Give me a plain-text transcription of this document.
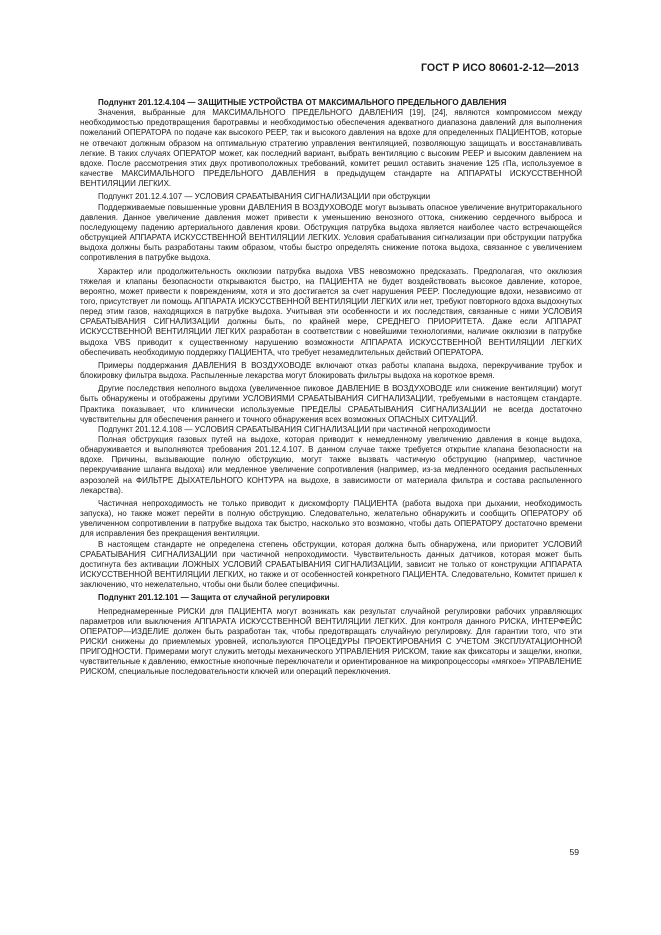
ГОСТ Р ИСО 80601-2-12—2013

Подпункт 201.12.4.104 — ЗАЩИТНЫЕ УСТРОЙСТВА ОТ МАКСИМАЛЬНОГО ПРЕДЕЛЬНОГО ДАВЛЕНИЯ

Значения, выбранные для МАКСИМАЛЬНОГО ПРЕДЕЛЬНОГО ДАВЛЕНИЯ [19], [24], являются компромиссом между необходимостью предотвращения баротравмы и необходимостью обеспечения адекватного диапазона давлений для выполнения пожеланий ОПЕРАТОРА по подаче как высокого PEEP, так и высокого давления на вдохе для определенных ПАЦИЕНТОВ, которые не отвечают должным образом на оптимальную стратегию управления вентиляцией, позволяющую защищать и восстанавливать легкие. В таких случаях ОПЕРАТОР может, как последний вариант, выбрать вентиляцию с высоким PEEP и высоким давлением на вдохе. После рассмотрения этих двух противоположных требований, комитет решил оставить значение 125 гПа, используемое в качестве МАКСИМАЛЬНОГО ПРЕДЕЛЬНОГО ДАВЛЕНИЯ в предыдущем стандарте на АППАРАТЫ ИСКУССТВЕННОЙ ВЕНТИЛЯЦИИ ЛЕГКИХ.

Подпункт 201.12.4.107 — УСЛОВИЯ СРАБАТЫВАНИЯ СИГНАЛИЗАЦИИ при обструкции

Поддерживаемые повышенные уровни ДАВЛЕНИЯ В ВОЗДУХОВОДЕ могут вызывать опасное увеличение внутриторакального давления. Данное увеличение давления может привести к уменьшению венозного оттока, снижению сердечного выброса и последующему падению артериального давления крови. Обструкция патрубка выдоха является наиболее часто встречающейся обструкцией АППАРАТА ИСКУССТВЕННОЙ ВЕНТИЛЯЦИИ ЛЕГКИХ. Условия срабатывания сигнализации при обструкции патрубка выдоха должны быть разработаны таким образом, чтобы быстро определять снижение потока выдоха, связанное с увеличением сопротивления в патрубке выдоха.

Характер или продолжительность окклюзии патрубка выдоха VBS невозможно предсказать. Предполагая, что окклюзия тяжелая и клапаны безопасности открываются быстро, на ПАЦИЕНТА не будет воздействовать высокое давление, которое, вероятно, может привести к повреждениям, хотя и это достигается за счет нарушения PEEP. Последующие вдохи, независимо от того, присутствует ли помощь АППАРАТА ИСКУССТВЕННОЙ ВЕНТИЛЯЦИИ ЛЕГКИХ или нет, требуют повторного вдоха выдохнутых перед этим газов, находящихся в патрубке выдоха. Учитывая эти особенности и их последствия, связанные с ними УСЛОВИЯ СРАБАТЫВАНИЯ СИГНАЛИЗАЦИИ должны быть, по крайней мере, СРЕДНЕГО ПРИОРИТЕТА. Даже если АППАРАТ ИСКУССТВЕННОЙ ВЕНТИЛЯЦИИ ЛЕГКИХ разработан в соответствии с новейшими технологиями, наличие окклюзии в патрубке выдоха VBS приводит к существенному нарушению возможности АППАРАТА ИСКУССТВЕННОЙ ВЕНТИЛЯЦИИ ЛЕГКИХ обеспечивать необходимую поддержку ПАЦИЕНТА, что требует незамедлительных действий ОПЕРАТОРА.

Примеры поддержания ДАВЛЕНИЯ В ВОЗДУХОВОДЕ включают отказ работы клапана выдоха, перекручивание трубок и блокировку фильтра выдоха. Распыленные лекарства могут блокировать фильтры выдоха на короткое время.

Другие последствия неполного выдоха (увеличенное пиковое ДАВЛЕНИЕ В ВОЗДУХОВОДЕ или снижение вентиляции) могут быть обнаружены и отображены другими УСЛОВИЯМИ СРАБАТЫВАНИЯ СИГНАЛИЗАЦИИ, требуемыми в настоящем стандарте. Практика показывает, что клинически используемые ПРЕДЕЛЫ СРАБАТЫВАНИЯ СИГНАЛИЗАЦИИ не всегда достаточно чувствительны для обеспечения раннего и точного обнаружения всех возможных ОПАСНЫХ СИТУАЦИЙ.

Подпункт 201.12.4.108 — УСЛОВИЯ СРАБАТЫВАНИЯ СИГНАЛИЗАЦИИ при частичной непроходимости

Полная обструкция газовых путей на выдохе, которая приводит к немедленному увеличению давления в конце выдоха, обнаруживается и выполняются требования 201.12.4.107. В данном случае также требуется открытие клапана безопасности на вдохе. Причины, вызывающие полную обструкцию, могут также вызвать частичную обструкцию (например, частичное перекручивание шланга выдоха) или медленное увеличение сопротивления (например, из-за медленного оседания распыленных аэрозолей на ФИЛЬТРЕ ДЫХАТЕЛЬНОГО КОНТУРА на выдохе, в зависимости от материала фильтра и состава распыленного лекарства).

Частичная непроходимость не только приводит к дискомфорту ПАЦИЕНТА (работа выдоха при дыхании, необходимость запуска), но также может перейти в полную обструкцию. Следовательно, желательно обнаружить и сообщить ОПЕРАТОРУ об увеличенном сопротивлении в патрубке выдоха так быстро, насколько это возможно, чтобы дать ОПЕРАТОРУ достаточно времени для исправления без прекращения вентиляции.

В настоящем стандарте не определена степень обструкции, которая должна быть обнаружена, или приоритет УСЛОВИЙ СРАБАТЫВАНИЯ СИГНАЛИЗАЦИИ при частичной непроходимости. Чувствительность данных датчиков, которая может быть достигнута без активации ЛОЖНЫХ УСЛОВИЙ СРАБАТЫВАНИЯ СИГНАЛИЗАЦИИ, зависит не только от конструкции АППАРАТА ИСКУССТВЕННОЙ ВЕНТИЛЯЦИИ ЛЕГКИХ, но также и от особенностей конкретного ПАЦИЕНТА. Следовательно, Комитет пришел к заключению, что нежелательно, чтобы они были более специфичны.

Подпункт 201.12.101 — Защита от случайной регулировки

Непреднамеренные РИСКИ для ПАЦИЕНТА могут возникать как результат случайной регулировки рабочих управляющих параметров или выключения АППАРАТА ИСКУССТВЕННОЙ ВЕНТИЛЯЦИИ ЛЕГКИХ. Для контроля данного РИСКА, ИНТЕРФЕЙС ОПЕРАТОР—ИЗДЕЛИЕ должен быть разработан так, чтобы предотвращать случайную регулировку. Для гарантии того, что эти РИСКИ снижены до приемлемых уровней, используются ПРОЦЕДУРЫ ПРОЕКТИРОВАНИЯ С УЧЕТОМ ЭКСПЛУАТАЦИОННОЙ ПРИГОДНОСТИ. Примерами могут служить методы механического УПРАВЛЕНИЯ РИСКОМ, такие как фиксаторы и защелки, кнопки, чувствительные к давлению, емкостные кнопочные переключатели и ориентированное на микропроцессоры «мягкое» УПРАВЛЕНИЕ РИСКОМ, специальные последовательности ключей или операций переключения.

59
